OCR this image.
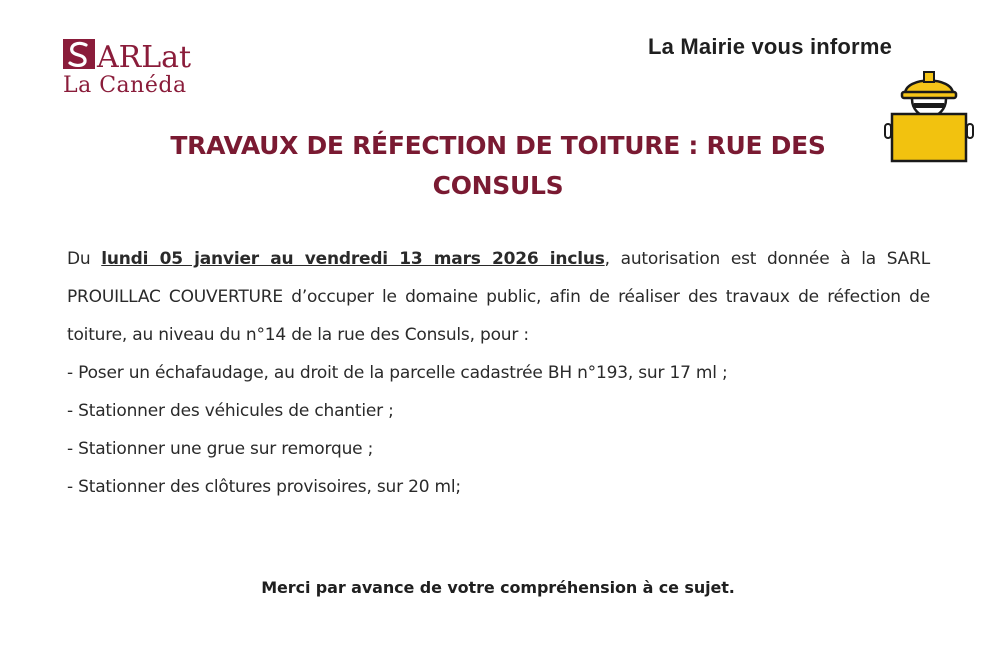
ARLat
La Canéda
La Mairie vous informe
TRAVAUX DE RÉFECTION DE TOITURE : RUE DES CONSULS

Du lundi 05 janvier au vendredi 13 mars 2026 inclus, autorisation est donnée à la SARL PROUILLAC COUVERTURE d’occuper le domaine public, afin de réaliser des travaux de réfection de toiture, au niveau du n°14 de la rue des Consuls, pour :

- Poser un échafaudage, au droit de la parcelle cadastrée BH n°193, sur 17 ml ;
- Stationner des véhicules de chantier ;
- Stationner une grue sur remorque ;
- Stationner des clôtures provisoires, sur 20 ml;
Merci par avance de votre compréhension à ce sujet.
